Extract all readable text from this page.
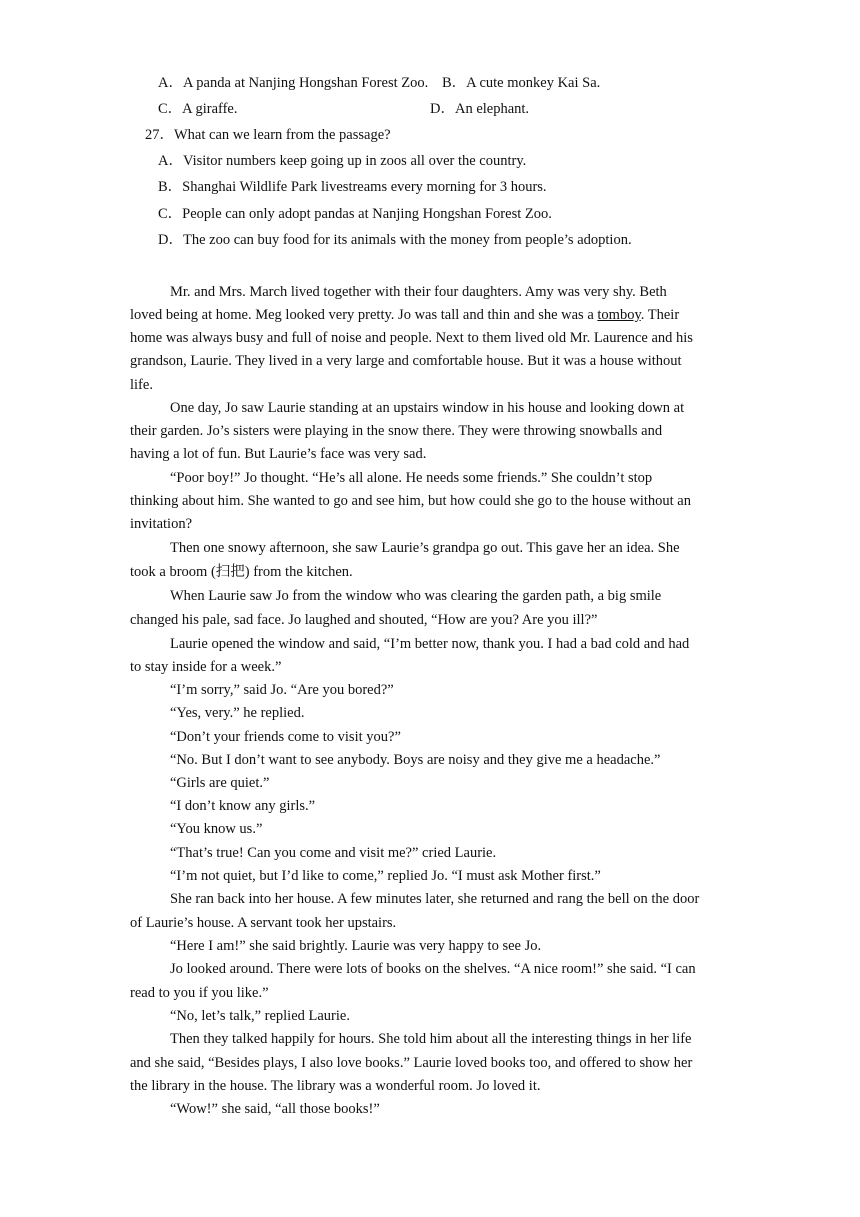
A．A panda at Nanjing Hongshan Forest Zoo. B．A cute monkey Kai Sa.
C．A giraffe.	D．An elephant.
27．What can we learn from the passage?
A．Visitor numbers keep going up in zoos all over the country.
B．Shanghai Wildlife Park livestreams every morning for 3 hours.
C．People can only adopt pandas at Nanjing Hongshan Forest Zoo.
D．The zoo can buy food for its animals with the money from people’s adoption.
Mr. and Mrs. March lived together with their four daughters. Amy was very shy. Beth
loved being at home. Meg looked very pretty. Jo was tall and thin and she was a tomboy. Their
home was always busy and full of noise and people. Next to them lived old Mr. Laurence and his
grandson, Laurie. They lived in a very large and comfortable house. But it was a house without
life.
One day, Jo saw Laurie standing at an upstairs window in his house and looking down at
their garden. Jo’s sisters were playing in the snow there. They were throwing snowballs and
having a lot of fun. But Laurie’s face was very sad.
“Poor boy!” Jo thought. “He’s all alone. He needs some friends.” She couldn’t stop
thinking about him. She wanted to go and see him, but how could she go to the house without an
invitation?
Then one snowy afternoon, she saw Laurie’s grandpa go out. This gave her an idea. She
took a broom (扫把) from the kitchen.
When Laurie saw Jo from the window who was clearing the garden path, a big smile
changed his pale, sad face. Jo laughed and shouted, “How are you? Are you ill?”
Laurie opened the window and said, “I’m better now, thank you. I had a bad cold and had
to stay inside for a week.”
“I’m sorry,” said Jo. “Are you bored?”
“Yes, very.” he replied.
“Don’t your friends come to visit you?”
“No. But I don’t want to see anybody. Boys are noisy and they give me a headache.”
“Girls are quiet.”
“I don’t know any girls.”
“You know us.”
“That’s true! Can you come and visit me?” cried Laurie.
“I’m not quiet, but I’d like to come,” replied Jo. “I must ask Mother first.”
She ran back into her house. A few minutes later, she returned and rang the bell on the door
of Laurie’s house. A servant took her upstairs.
“Here I am!” she said brightly. Laurie was very happy to see Jo.
Jo looked around. There were lots of books on the shelves. “A nice room!” she said. “I can
read to you if you like.”
“No, let’s talk,” replied Laurie.
Then they talked happily for hours. She told him about all the interesting things in her life
and she said, “Besides plays, I also love books.” Laurie loved books too, and offered to show her
the library in the house. The library was a wonderful room. Jo loved it.
“Wow!” she said, “all those books!”
